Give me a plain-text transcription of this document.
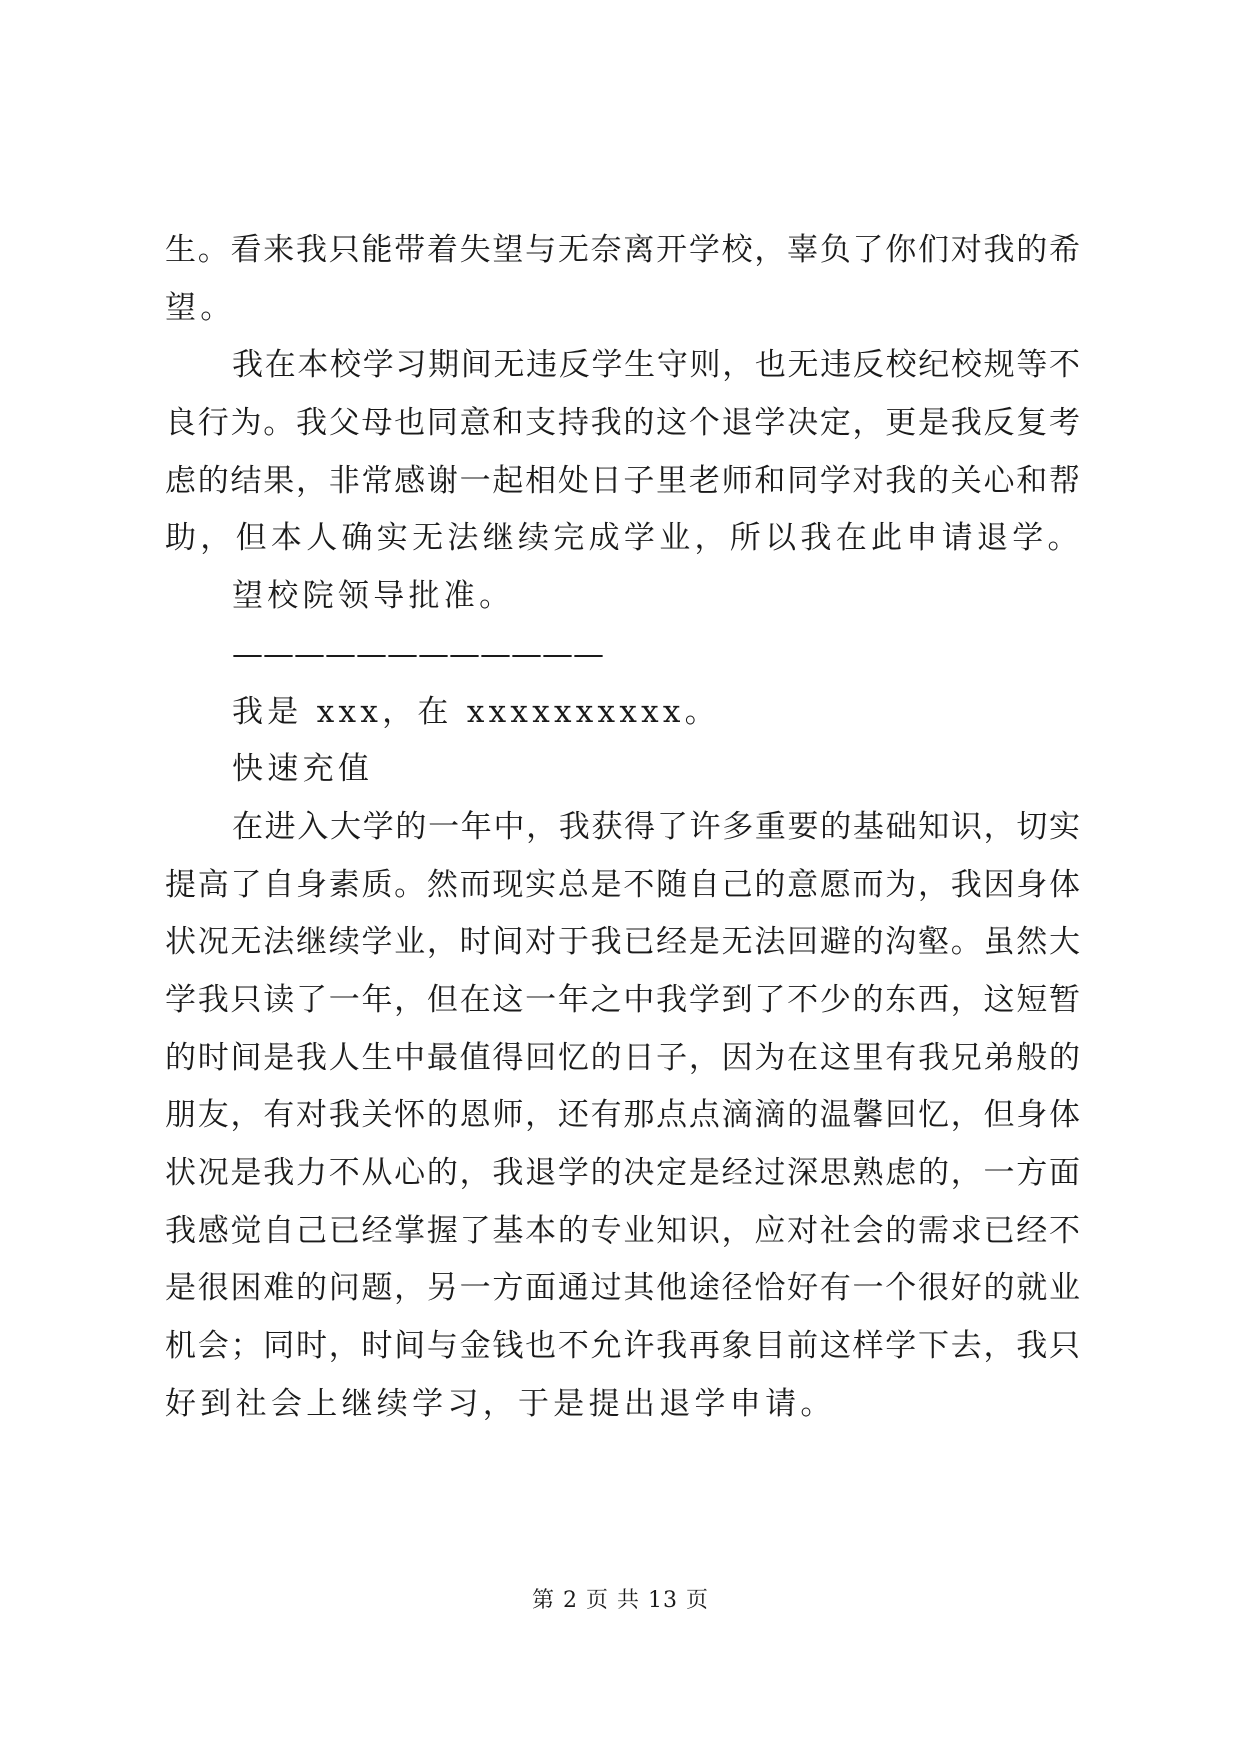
生。看来我只能带着失望与无奈离开学校，辜负了你们对我的希
望。
我在本校学习期间无违反学生守则，也无违反校纪校规等不
良行为。我父母也同意和支持我的这个退学决定，更是我反复考
虑的结果，非常感谢一起相处日子里老师和同学对我的关心和帮
助，但本人确实无法继续完成学业，所以我在此申请退学。
望校院领导批准。
————————————
我是 xxx，在 xxxxxxxxxx。
快速充值
在进入大学的一年中，我获得了许多重要的基础知识，切实
提高了自身素质。然而现实总是不随自己的意愿而为，我因身体
状况无法继续学业，时间对于我已经是无法回避的沟壑。虽然大
学我只读了一年，但在这一年之中我学到了不少的东西，这短暂
的时间是我人生中最值得回忆的日子，因为在这里有我兄弟般的
朋友，有对我关怀的恩师，还有那点点滴滴的温馨回忆，但身体
状况是我力不从心的，我退学的决定是经过深思熟虑的，一方面
我感觉自己已经掌握了基本的专业知识，应对社会的需求已经不
是很困难的问题，另一方面通过其他途径恰好有一个很好的就业
机会；同时，时间与金钱也不允许我再象目前这样学下去，我只
好到社会上继续学习，于是提出退学申请。
第 2 页 共 13 页
